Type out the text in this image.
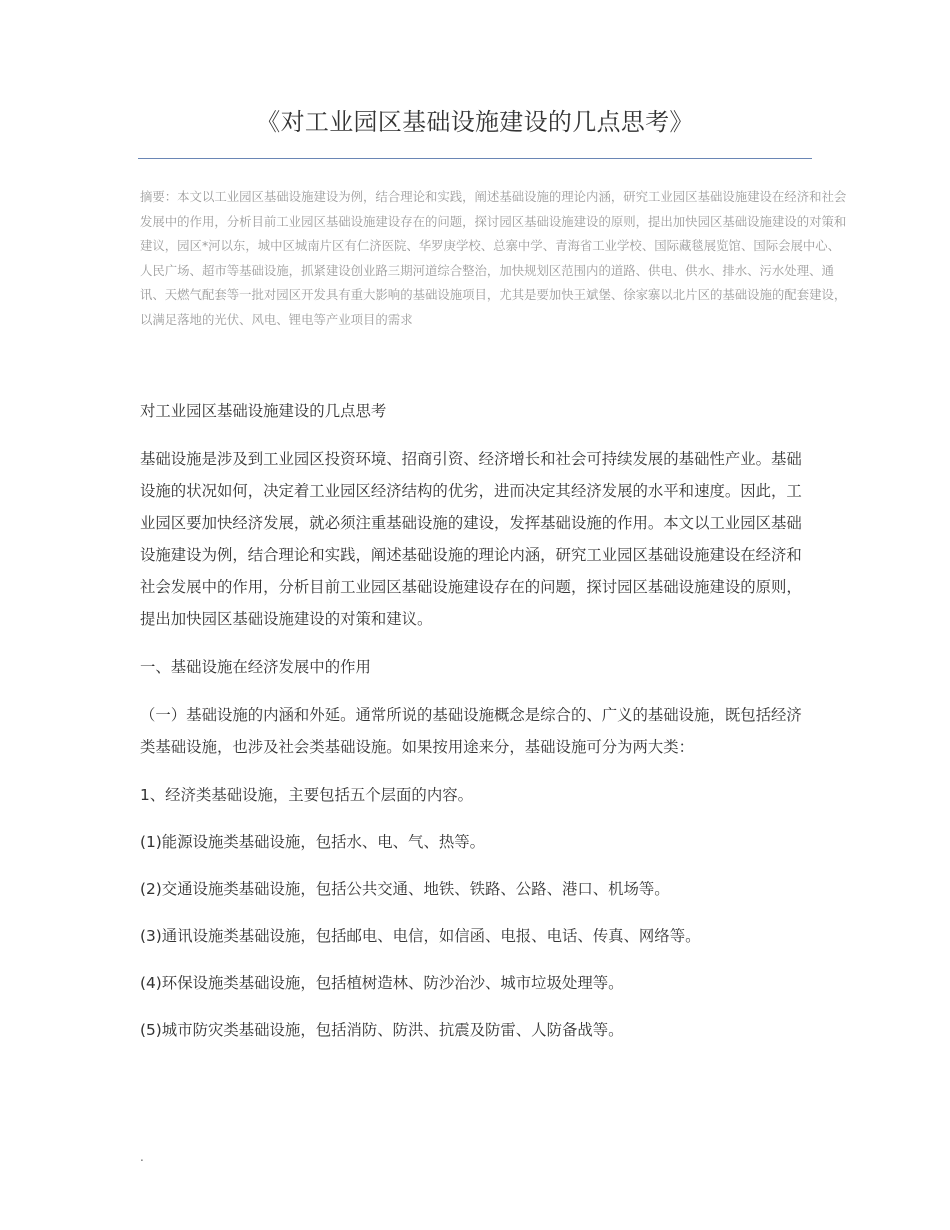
《对工业园区基础设施建设的几点思考》

摘要：本文以工业园区基础设施建设为例，结合理论和实践，阐述基础设施的理论内涵，研究工业园区基础设施建设在经济和社会发展中的作用，分析目前工业园区基础设施建设存在的问题，探讨园区基础设施建设的原则，提出加快园区基础设施建设的对策和建议，园区*河以东，城中区城南片区有仁济医院、华罗庚学校、总寨中学、青海省工业学校、国际藏毯展览馆、国际会展中心、人民广场、超市等基础设施，抓紧建设创业路三期河道综合整治，加快规划区范围内的道路、供电、供水、排水、污水处理、通讯、天燃气配套等一批对园区开发具有重大影响的基础设施项目，尤其是要加快王斌堡、徐家寨以北片区的基础设施的配套建设，以满足落地的光伏、风电、锂电等产业项目的需求

对工业园区基础设施建设的几点思考

基础设施是涉及到工业园区投资环境、招商引资、经济增长和社会可持续发展的基础性产业。基础设施的状况如何，决定着工业园区经济结构的优劣，进而决定其经济发展的水平和速度。因此，工业园区要加快经济发展，就必须注重基础设施的建设，发挥基础设施的作用。本文以工业园区基础设施建设为例，结合理论和实践，阐述基础设施的理论内涵，研究工业园区基础设施建设在经济和社会发展中的作用，分析目前工业园区基础设施建设存在的问题，探讨园区基础设施建设的原则，提出加快园区基础设施建设的对策和建议。

一、基础设施在经济发展中的作用

（一）基础设施的内涵和外延。通常所说的基础设施概念是综合的、广义的基础设施，既包括经济类基础设施，也涉及社会类基础设施。如果按用途来分，基础设施可分为两大类：

1、经济类基础设施，主要包括五个层面的内容。

(1)能源设施类基础设施，包括水、电、气、热等。

(2)交通设施类基础设施，包括公共交通、地铁、铁路、公路、港口、机场等。

(3)通讯设施类基础设施，包括邮电、电信，如信函、电报、电话、传真、网络等。

(4)环保设施类基础设施，包括植树造林、防沙治沙、城市垃圾处理等。

(5)城市防灾类基础设施，包括消防、防洪、抗震及防雷、人防备战等。

.
